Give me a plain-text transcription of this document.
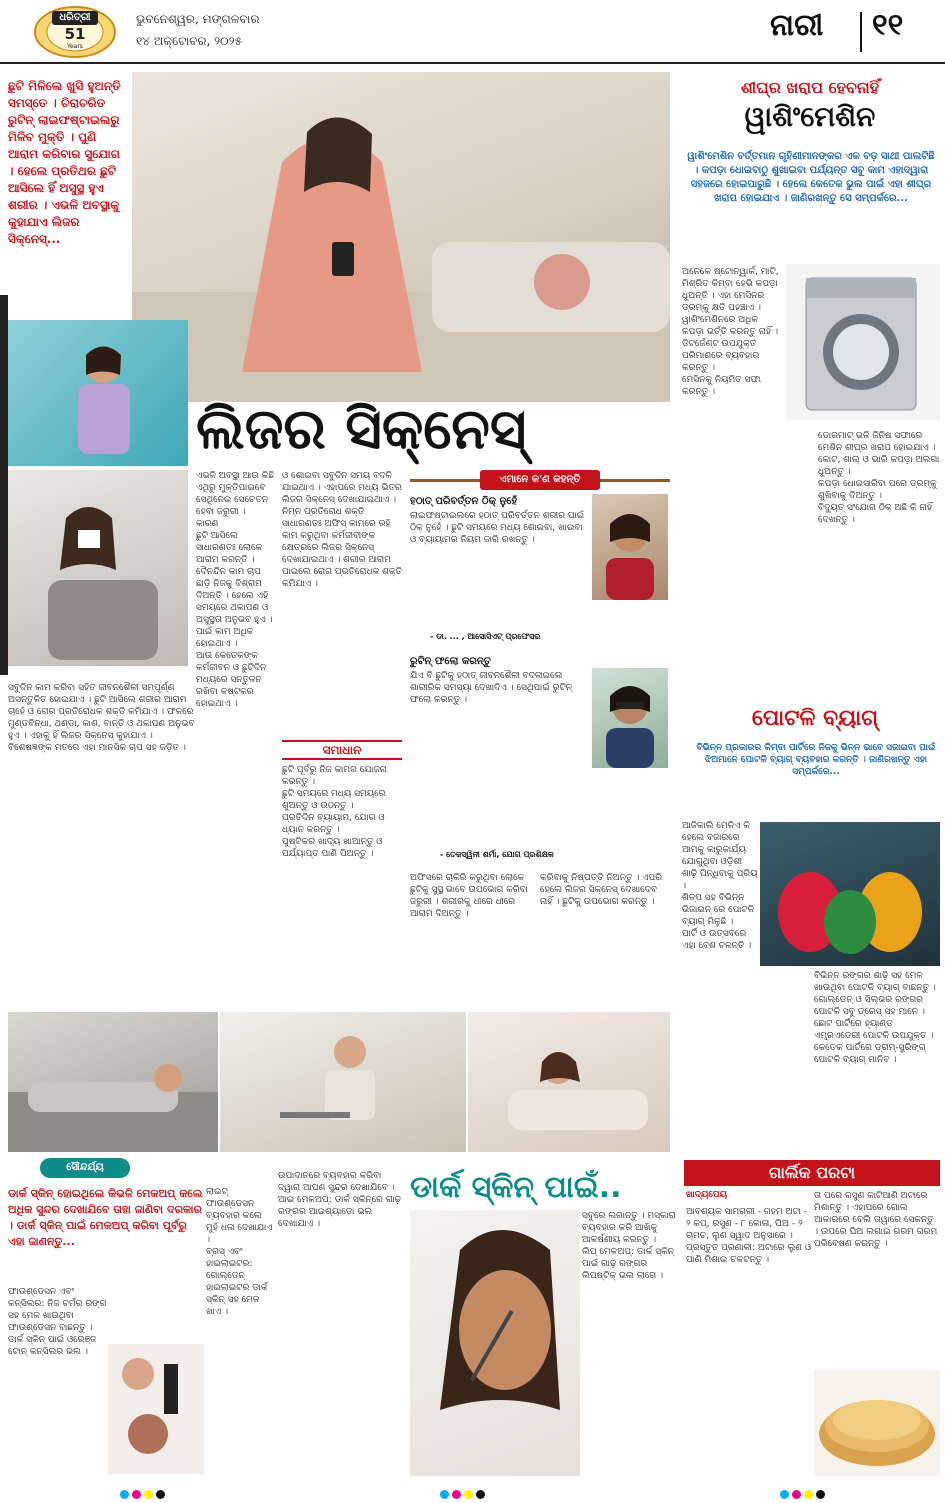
ଧରିତ୍ରୀ
51
Years
ଭୁବନେଶ୍ୱର, ମଙ୍ଗଳବାର
୧୪ ଅକ୍ଟୋବର, ୨୦୨୫	ନାରୀ ୧୧
ଛୁଟି ମିଳିଲେ ଖୁସି ହୁଅନ୍ତି ସମସ୍ତେ । ଚିରାଚରିତ ରୁଟିନ୍ ଲାଇଫଷ୍ଟାଇଲରୁ ମିଳିବ ମୁକ୍ତି । ପୁଣି ଆରାମ କରିବାର ସୁଯୋଗ । ହେଲେ ପ୍ରତିଥର ଛୁଟି ଆସିଲେ ହିଁ ଅସୁସ୍ଥ ହୁଏ ଶରୀର । ଏଭଳି ଅବସ୍ଥାକୁ କୁହାଯାଏ ଲିଜର ସିକ୍ନେସ୍...
ଲିଜର ସିକ୍ନେସ୍
ଏଭଳି ଅବସ୍ଥା ଆଉ କିଛି ଏଥିରୁ ମୁକ୍ତିପାଇବେ ସେଥିନେଇ ସେଚେତନ ହେବା ଜରୁରୀ ।
କାରଣ
ଛୁଟି ଆସିଲେ ସାଧାରଣତଃ ଲୋକେ ଆରାମ କରନ୍ତି । ଦୈନନ୍ଦିନ କାମ ଚାପ ଛାଡ଼ି ନିଜକୁ ବିଶ୍ରାମ ଦିଅନ୍ତି । ହେଲେ ଏହି ସମୟରେ ଥକାପଣ ଓ ଅସୁସ୍ଥତା ଅନୁଭବ ହୁଏ ।
ପାଇଁ କାମ ଅଧିକ ହୋଇଥାଏ ।
ଆଉ କେତେକଙ୍କ କର୍ମଜୀବନ ଓ ଛୁଟିଦିନ ମଧ୍ୟରେ ସନ୍ତୁଳନ ରଖିବା କଷ୍ଟକର ହୋଇଥାଏ ।
ଓ ଶୋଇବା ସବୁଦିନ ସମୟ ବଦଳି ଯାଇଥାଏ । ଏହାପରେ ମଧ୍ୟ ଭିତର ଲିଜର ସିକ୍ନେସ୍ ଦେଖାଯାଇଥାଏ ।
ନିମ୍ନ ପ୍ରତିରୋଧ ଶକ୍ତି
ସାଧାରଣତଃ ଅଫିସ୍ କାମରେ ରହି କାମ କରୁଥିବା କର୍ମଜୀବୀଙ୍କ କ୍ଷେତ୍ରରେ ଲିଜର ସିକ୍ନେସ୍ ଦେଖାଯାଇଥାଏ । ଶରୀର ଆରାମ ପାଇଲେ ରୋଗ ପ୍ରତିରୋଧକ ଶକ୍ତି କମିଯାଏ ।
ସବୁଦିନ କାମ କରିବା ସହିତ ଜୀବନଶୈଳୀ ସମ୍ପୂର୍ଣ୍ଣ ଅସନ୍ତୁଳିତ ହୋଇଯାଏ । ଛୁଟି ଆସିଲେ ଶରୀର ଆରାମ ଚାହେଁ ଓ ରୋଗ ପ୍ରତିରୋଧକ ଶକ୍ତି କମିଯାଏ । ଫଳରେ ମୁଣ୍ଡବିନ୍ଧା, ଥଣ୍ଡା, କାଶ, ବାନ୍ତି ଓ ଥକାପଣ ଅନୁଭବ ହୁଏ । ଏହାକୁ ହିଁ ଲିଜର ସିକ୍ନେସ୍ କୁହାଯାଏ । ବିଶେଷଜ୍ଞଙ୍କ ମତରେ ଏହା ମାନସିକ ଚାପ ସହ ଜଡ଼ିତ ।	ସମାଧାନ
ଛୁଟି ପୂର୍ବରୁ ନିଜ କାମର ଯୋଜନା କରନ୍ତୁ ।
ଛୁଟି ସମୟରେ ମଧ୍ୟ ସମୟରେ ଶୁଅନ୍ତୁ ଓ ଉଠନ୍ତୁ ।
ପ୍ରତିଦିନ ବ୍ୟାୟାମ, ଯୋଗ ଓ ଧ୍ୟାନ କରନ୍ତୁ ।
ପୁଷ୍ଟିକର ଖାଦ୍ୟ ଖାଆନ୍ତୁ ଓ ପର୍ଯ୍ୟାପ୍ତ ପାଣି ପିଅନ୍ତୁ ।
ଏମାନେ କ'ଣ କହନ୍ତି
ହଠାତ୍ ପରିବର୍ତ୍ତନ ଠିକ୍ ନୁହେଁ
ଲାଇଫଷ୍ଟାଇଲରେ ହଠାତ୍ ପରିବର୍ତ୍ତନ ଶରୀର ପାଇଁ ଠିକ୍ ନୁହେଁ । ଛୁଟି ସମୟରେ ମଧ୍ୟ ଶୋଇବା, ଖାଇବା ଓ ବ୍ୟାୟାମର ନିୟମ ଜାରି ରଖନ୍ତୁ ।
- ଡା. ... , ଆସୋସିଏଟ୍ ପ୍ରଫେସର
ରୁଟିନ୍ ଫଲୋ କରନ୍ତୁ
ଯିଏ ବି ଛୁଟିକୁ ହଠାତ୍ ଜୀବନଶୈଳୀ ବଦଳାଇଲେ ଶାରୀରିକ ସମସ୍ୟା ଦେଖାଦିଏ । ସେଥିପାଇଁ ରୁଟିନ୍ ଫଲୋ କରନ୍ତୁ ।
- ତେଜସ୍ୱିନୀ ଶର୍ମା, ଯୋଗ ପ୍ରଶିକ୍ଷକ
ଅଫିସରେ ଚାକିରି କରୁଥିବା ଲୋକେ ଛୁଟିକୁ ସୁସ୍ଥ ଭାବେ ଉପଭୋଗ କରିବା ଜରୁରୀ । ଶରୀରକୁ ଧୀରେ ଧୀରେ ଆରାମ ଦିଅନ୍ତୁ ।
କରିବାକୁ ନିଷ୍ପତ୍ତି ନିଅନ୍ତୁ । ଏପରି ହେଲେ ଲିଜର ସିକ୍ନେସ୍ ଦେଖାଦେବ ନାହିଁ । ଛୁଟିକୁ ଉପଭୋଗ କରନ୍ତୁ ।
ଶୀଘ୍ର ଖରାପ ହେବନାହିଁ
ୱାଶିଂମେଶିନ
ୱାଶିଂମେଶିନ ବର୍ତ୍ତମାନ ଗୃହିଣୀମାନଙ୍କର ଏକ ବଡ଼ ସାଥୀ ପାଲଟିଛି । କପଡ଼ା ଧୋଇବାଠୁ ଶୁଖାଇବା ପର୍ଯ୍ୟନ୍ତ ସବୁ କାମ ଏହାଦ୍ୱାରା ସହଜରେ ହୋଇପାରୁଛି । ହେଲେ କେତେକ ଭୁଲ ପାଇଁ ଏହା ଶୀଘ୍ର ଖରାପ ହୋଇଯାଏ । ଜାଣିରଖନ୍ତୁ ସେ ସମ୍ପର୍କରେ...
ଅନେକେ ଷ୍ଟୋନ୍‌ୱାର୍କ, ମାଟି, ମିଶ୍ରିତ କିମ୍ବା ହେଭି କପଡ଼ା ଧୁଅନ୍ତି । ଏହା ମେସିନର ଡ୍ରମ୍‌କୁ କ୍ଷତି ପହଞ୍ଚାଏ ।
ୱାଶିଂମେଶିନରେ ଅଧିକ କପଡ଼ା ଭର୍ତ୍ତି କରନ୍ତୁ ନାହିଁ ।
ଡିଟର୍ଜେଣ୍ଟ ଉପଯୁକ୍ତ ପରିମାଣରେ ବ୍ୟବହାର କରନ୍ତୁ ।
ମେସିନକୁ ନିୟମିତ ସଫା କରନ୍ତୁ ।
ଡୋରମାଟ୍ ଭଳି ଜିନିଷ ସଫାରେ ମେଶିନ ଶୀଘ୍ର ଖରାପ ହୋଇଯାଏ ।
କୋଟ, ଶାଲ୍ ଓ ଭାରି କପଡ଼ା ଅଲଗା ଧୁଅନ୍ତୁ ।
କପଡ଼ା ଧୋଇସାରିବା ପରେ ଡ୍ରମ୍‌କୁ ଶୁଖିବାକୁ ଦିଅନ୍ତୁ ।
ବିଦ୍ୟୁତ୍ ସଂଯୋଗ ଠିକ୍ ଅଛି କି ନାହିଁ ଦେଖନ୍ତୁ ।
ପୋଟଳି ବ୍ୟାଗ୍
ବିଭିନ୍ନ ପ୍ରକାରର କିମ୍ବା ପାର୍ଟିରେ ନିଜକୁ ଭିନ୍ନ ଭାବେ ସଜାଇବା ପାଇଁ ଝିଅମାନେ ପୋଟଳି ବ୍ୟାଗ୍ ବ୍ୟବହାର କରନ୍ତି । ଜାଣିରଖନ୍ତୁ ଏହା ସମ୍ପର୍କରେ...
ଆଜିକାଲି ମେଳିଏ କି ହେଲେ ବଜାରରେ ଆମକୁ କାରୁକାର୍ଯ୍ୟ ଯୋଗୁଥିବା ଓଡ଼ିଶୀ ଶାଢ଼ି ପିନ୍ଧିବାକୁ ପ୍ରିୟ ।
ଶିଳ୍ପ ସହ ବିଭିନ୍ନ ଭିଜାଇନ୍ ରେ ପୋଟଳି ବ୍ୟାଗ୍ ମିଳୁଛି ।
ପାର୍ଟି ଓ ଉତ୍ସବରେ ଏହା ବେଶ ଚଳନ୍ତି ।
ବିଭିନ୍ନ ରଙ୍ଗର ଶାଢ଼ି ସହ ମେଳ ଖାଉଥିବା ପୋଟଳି ବ୍ୟାଗ୍ ବାଛନ୍ତୁ ।
ଗୋଲ୍ଡେନ୍ ଓ ସିଲ୍‌ଭର ରଙ୍ଗର ପୋଟଳି ସବୁ ଡ୍ରେସ୍ ସହ ମାନେ ।
ଛୋଟ ପାର୍ଟିରେ ହ୍ୟାଣ୍ଡ ଏମ୍ବ୍ରଏଡେରୀ ପୋଟଳି ଉପଯୁକ୍ତ ।
କେତେକ ପାର୍ଟିରେ ଡ୍ରାମ୍-ସ୍ଟ୍ରିଙ୍ଗ୍ ପୋଟଳି ବ୍ୟାଗ୍ ମାନିବ ।
ସୌନ୍ଦର୍ଯ୍ୟ
ଡାର୍କ ସ୍କିନ୍ ହୋଇଥିଲେ କିଭଳି ମେକଅପ୍ କଲେ ଅଧିକ ସୁନ୍ଦର ଦେଖାଯିବେ ତାହା ଜାଣିବା ଦରକାର । ଡାର୍କ ସ୍କିନ୍ ପାଇଁ ମେକଅପ୍ କରିବା ପୂର୍ବରୁ ଏହା ଜାଣନ୍ତୁ...
ଫାଉଣ୍ଡେସନ ଏବଂ କନ୍‌ସିଲର: ନିଜ ଚର୍ମର ରଙ୍ଗ ସହ ମେଳ ଖାଉଥିବା ଫାଉଣ୍ଡେସନ ବାଛନ୍ତୁ ।
ଡାର୍କ ସ୍କିନ୍ ପାଇଁ ଓରେଞ୍ଜ ଟୋନ୍ କନ୍‌ସିଲର ଭଲ ।
ଲାଇଟ୍ ଫାଉଣ୍ଡେସନ ବ୍ୟବହାର କଲେ ମୁହଁ ଧଳା ଦେଖାଯାଏ ।
ବ୍ରସ୍ ଏବଂ ହାଇଲାଇଟର: ଗୋଲ୍ଡେନ୍ ହାଇଲାଇଟର ଡାର୍କ ସ୍କିନ୍ ସହ ମେଳ ଖାଏ ।
ଉପାଦାନରେ ବ୍ୟବହାର କରିବା ଦ୍ୱାରା ଆପଣ ସୁନ୍ଦର ଦେଖାଯିବେ ।
ଆଇ ମେକଅପ୍: ଡାର୍କ ସ୍କିନ୍‌ରେ ଗାଢ଼ ରଙ୍ଗର ଆଇଶ୍ୟାଡୋ ଭଲ ଦେଖାଯାଏ ।
ଡାର୍କ ସ୍କିନ୍ ପାଇଁ..
ସବୁରେ ଲଗାନ୍ତୁ । ମସ୍କାରା ବ୍ୟବହାର କରି ଆଖିକୁ ଆକର୍ଷଣୀୟ କରନ୍ତୁ ।
ଲିପ୍ ମେକଅପ୍: ଡାର୍କ ସ୍କିନ୍ ପାଇଁ ଗାଢ଼ ରଙ୍ଗର ଲିପଷ୍ଟିକ୍ ଭଲ ଲାଗେ ।
ଗାର୍ଲିକ ପରଟା
ଖାଦ୍ୟପେୟ
ଆବଶ୍ୟକ ସାମଗ୍ରୀ - ଗହମ ଅଟା - ୨ କପ୍, ରସୁଣ - ୮ କୋଳା, ଘିଅ - ୨ ଚାମଚ, ଲୁଣ ସ୍ୱାଦ ଅନୁସାରେ ।
ପ୍ରସ୍ତୁତ ପ୍ରଣାଳୀ: ଅଟାରେ ଲୁଣ ଓ ପାଣି ମିଶାଇ ଚକଟନ୍ତୁ ।
ତା ପରେ ରସୁଣ କାଟିଆଣି ଅଟାରେ ମିଶାନ୍ତୁ । ଏହାପରେ ଗୋଲ ଆକାରରେ ବେଲି ତାୱାରେ ସେକନ୍ତୁ । ଉପରେ ଘିଅ ଲଗାଇ ଗରମ ଗରମ ପରିବେଷଣ କରନ୍ତୁ ।
